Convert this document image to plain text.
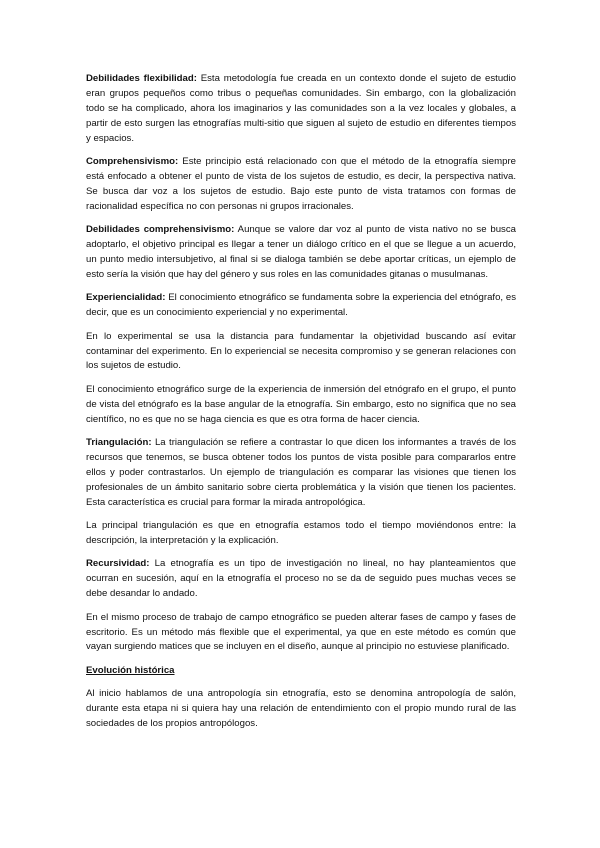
Debilidades flexibilidad: Esta metodología fue creada en un contexto donde el sujeto de estudio eran grupos pequeños como tribus o pequeñas comunidades. Sin embargo, con la globalización todo se ha complicado, ahora los imaginarios y las comunidades son a la vez locales y globales, a partir de esto surgen las etnografías multi-sitio que siguen al sujeto de estudio en diferentes tiempos y espacios.

Comprehensivismo: Este principio está relacionado con que el método de la etnografía siempre está enfocado a obtener el punto de vista de los sujetos de estudio, es decir, la perspectiva nativa. Se busca dar voz a los sujetos de estudio. Bajo este punto de vista tratamos con formas de racionalidad específica no con personas ni grupos irracionales.

Debilidades comprehensivismo: Aunque se valore dar voz al punto de vista nativo no se busca adoptarlo, el objetivo principal es llegar a tener un diálogo crítico en el que se llegue a un acuerdo, un punto medio intersubjetivo, al final si se dialoga también se debe aportar críticas, un ejemplo de esto sería la visión que hay del género y sus roles en las comunidades gitanas o musulmanas.

Experiencialidad: El conocimiento etnográfico se fundamenta sobre la experiencia del etnógrafo, es decir, que es un conocimiento experiencial y no experimental.

En lo experimental se usa la distancia para fundamentar la objetividad buscando así evitar contaminar del experimento. En lo experiencial se necesita compromiso y se generan relaciones con los sujetos de estudio.

El conocimiento etnográfico surge de la experiencia de inmersión del etnógrafo en el grupo, el punto de vista del etnógrafo es la base angular de la etnografía. Sin embargo, esto no significa que no sea científico, no es que no se haga ciencia es que es otra forma de hacer ciencia.

Triangulación: La triangulación se refiere a contrastar lo que dicen los informantes a través de los recursos que tenemos, se busca obtener todos los puntos de vista posible para compararlos entre ellos y poder contrastarlos. Un ejemplo de triangulación es comparar las visiones que tienen los profesionales de un ámbito sanitario sobre cierta problemática y la visión que tienen los pacientes. Esta característica es crucial para formar la mirada antropológica.

La principal triangulación es que en etnografía estamos todo el tiempo moviéndonos entre: la descripción, la interpretación y la explicación.

Recursividad: La etnografía es un tipo de investigación no lineal, no hay planteamientos que ocurran en sucesión, aquí en la etnografía el proceso no se da de seguido pues muchas veces se debe desandar lo andado.

En el mismo proceso de trabajo de campo etnográfico se pueden alterar fases de campo y fases de escritorio. Es un método más flexible que el experimental, ya que en este método es común que vayan surgiendo matices que se incluyen en el diseño, aunque al principio no estuviese planificado.

Evolución histórica

Al inicio hablamos de una antropología sin etnografía, esto se denomina antropología de salón, durante esta etapa ni si quiera hay una relación de entendimiento con el propio mundo rural de las sociedades de los propios antropólogos.
